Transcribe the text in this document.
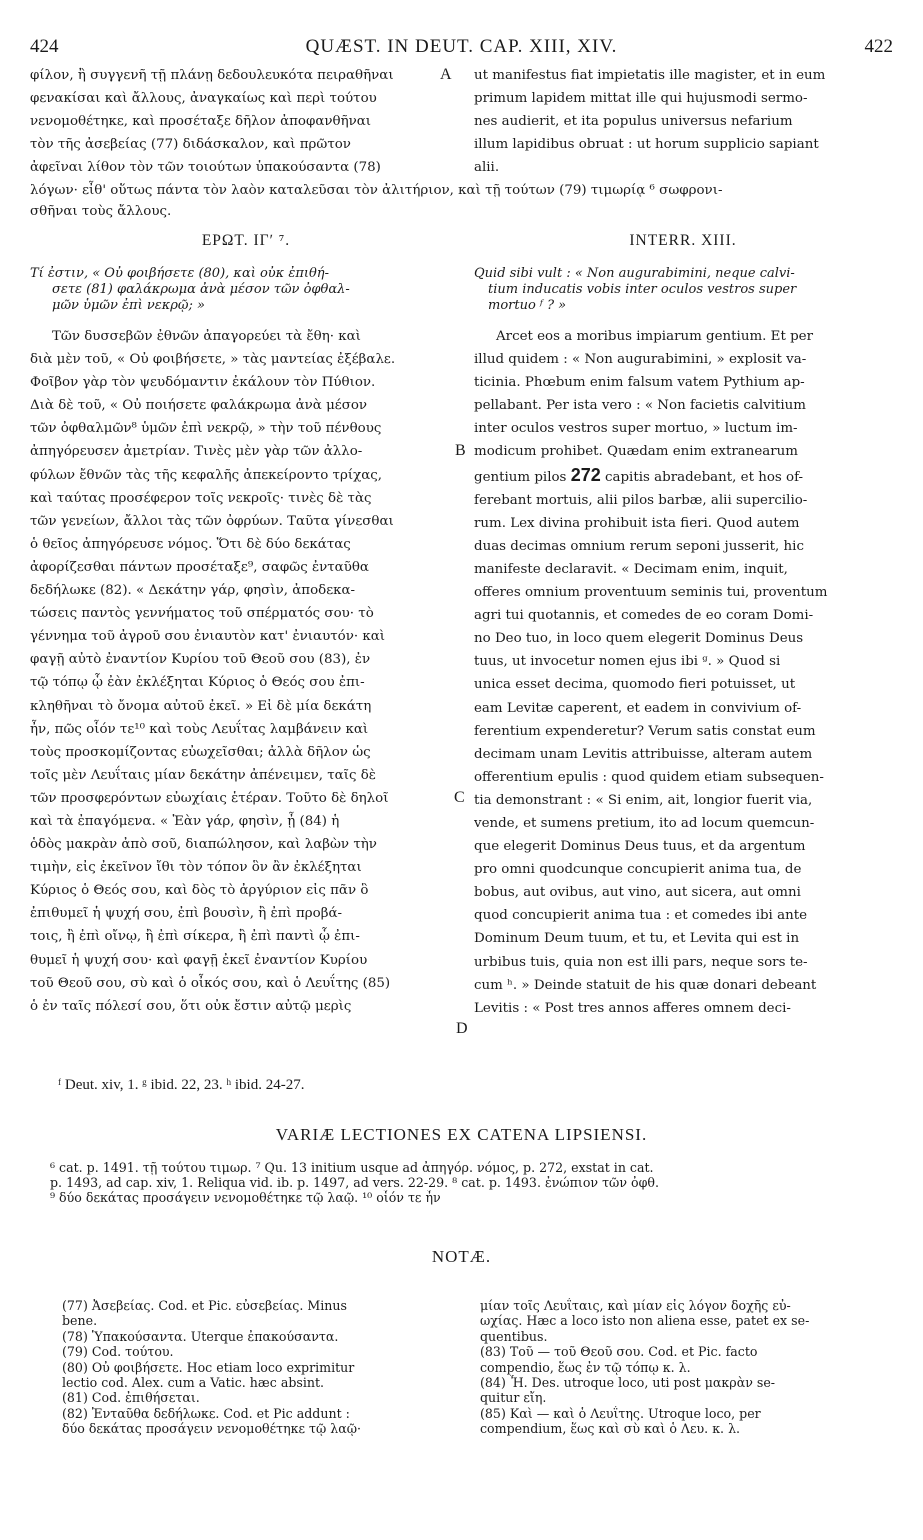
424	QUÆST. IN DEUT. CAP. XIII, XIV.	422
φίλον, ἢ συγγενῆ τῇ πλάνῃ δεδουλευκότα πειραθῆναι
φενακίσαι καὶ ἄλλους, ἀναγκαίως καὶ περὶ τούτου
νενομοθέτηκε, καὶ προσέταξε δῆλον ἀποφανθῆναι
τὸν τῆς ἀσεβείας (77) διδάσκαλον, καὶ πρῶτον
ἀφεῖναι λίθον τὸν τῶν τοιούτων ὑπακούσαντα (78)
ut manifestus fiat impietatis ille magister, et in eum
primum lapidem mittat ille qui hujusmodi sermo-
nes audierit, et ita populus universus nefarium
illum lapidibus obruat : ut horum supplicio sapiant
alii.
A
λόγων· εἶθ' οὕτως πάντα τὸν λαὸν καταλεῦσαι τὸν ἀλιτήριον, καὶ τῇ τούτων (79) τιμωρίᾳ ⁶ σωφρονι-
σθῆναι τοὺς ἄλλους.
ΕΡΩΤ. ΙΓʹ ⁷.	INTERR. XIII.
Τί ἐστιν, « Οὐ φοιβήσετε (80), καὶ οὐκ ἐπιθή-
σετε (81) φαλάκρωμα ἀνὰ μέσον τῶν ὀφθαλ-
μῶν ὑμῶν ἐπὶ νεκρῷ; »
Quid sibi vult : « Non augurabimini, neque calvi-
tium inducatis vobis inter oculos vestros super
mortuo ᶠ ? »
Τῶν δυσσεβῶν ἐθνῶν ἀπαγορεύει τὰ ἔθη· καὶ
διὰ μὲν τοῦ, « Οὐ φοιβήσετε, » τὰς μαντείας ἐξέβαλε.
Φοῖβον γὰρ τὸν ψευδόμαντιν ἐκάλουν τὸν Πύθιον.
Διὰ δὲ τοῦ, « Οὐ ποιήσετε φαλάκρωμα ἀνὰ μέσον
τῶν ὀφθαλμῶν⁸ ὑμῶν ἐπὶ νεκρῷ, » τὴν τοῦ πένθους
ἀπηγόρευσεν ἀμετρίαν. Τινὲς μὲν γὰρ τῶν ἀλλο-
φύλων ἔθνῶν τὰς τῆς κεφαλῆς ἀπεκείροντο τρίχας,
καὶ ταύτας προσέφερον τοῖς νεκροῖς· τινὲς δὲ τὰς
τῶν γενείων, ἄλλοι τὰς τῶν ὀφρύων. Ταῦτα γίνεσθαι
ὁ θεῖος ἀπηγόρευσε νόμος. Ὅτι δὲ δύο δεκάτας
ἀφορίζεσθαι πάντων προσέταξε⁹, σαφῶς ἐνταῦθα
δεδήλωκε (82). « Δεκάτην γάρ, φησὶν, ἀποδεκα-
τώσεις παντὸς γεννήματος τοῦ σπέρματός σου· τὸ
γέννημα τοῦ ἀγροῦ σου ἐνιαυτὸν κατ' ἐνιαυτόν· καὶ
φαγῇ αὐτὸ ἐναντίον Κυρίου τοῦ Θεοῦ σου (83), ἐν
τῷ τόπῳ ᾧ ἐὰν ἐκλέξηται Κύριος ὁ Θεός σου ἐπι-
κληθῆναι τὸ ὄνομα αὐτοῦ ἐκεῖ. » Εἰ δὲ μία δεκάτη
ἦν, πῶς οἷόν τε¹⁰ καὶ τοὺς Λευΐτας λαμβάνειν καὶ
τοὺς προσκομίζοντας εὐωχεῖσθαι; ἀλλὰ δῆλον ὡς
τοῖς μὲν Λευΐταις μίαν δεκάτην ἀπένειμεν, ταῖς δὲ
τῶν προσφερόντων εὐωχίαις ἑτέραν. Τοῦτο δὲ δηλοῖ
καὶ τὰ ἐπαγόμενα. « Ἐὰν γάρ, φησὶν, ᾖ (84) ἡ
ὁδὸς μακρὰν ἀπὸ σοῦ, διαπώλησον, καὶ λαβὼν τὴν
τιμὴν, εἰς ἐκεῖνον ἴθι τὸν τόπον ὃν ἂν ἐκλέξηται
Κύριος ὁ Θεός σου, καὶ δὸς τὸ ἀργύριον εἰς πᾶν ὃ
ἐπιθυμεῖ ἡ ψυχή σου, ἐπὶ βουσὶν, ἢ ἐπὶ προβά-
τοις, ἢ ἐπὶ οἴνῳ, ἢ ἐπὶ σίκερα, ἢ ἐπὶ παντὶ ᾧ ἐπι-
θυμεῖ ἡ ψυχή σου· καὶ φαγῇ ἐκεῖ ἐναντίον Κυρίου
τοῦ Θεοῦ σου, σὺ καὶ ὁ οἶκός σου, καὶ ὁ Λευΐτης (85)
ὁ ἐν ταῖς πόλεσί σου, ὅτι οὐκ ἔστιν αὐτῷ μερὶς
Arcet eos a moribus impiarum gentium. Et per
illud quidem : « Non augurabimini, » explosit va-
ticinia. Phœbum enim falsum vatem Pythium ap-
pellabant. Per ista vero : « Non facietis calvitium
inter oculos vestros super mortuo, » luctum im-
modicum prohibet. Quædam enim extranearum
gentium pilos 272 capitis abradebant, et hos of-
ferebant mortuis, alii pilos barbæ, alii supercilio-
rum. Lex divina prohibuit ista fieri. Quod autem
duas decimas omnium rerum seponi jusserit, hic
manifeste declaravit. « Decimam enim, inquit,
offeres omnium proventuum seminis tui, proventum
agri tui quotannis, et comedes de eo coram Domi-
no Deo tuo, in loco quem elegerit Dominus Deus
tuus, ut invocetur nomen ejus ibi ᵍ. » Quod si
unica esset decima, quomodo fieri potuisset, ut
eam Levitæ caperent, et eadem in convivium of-
ferentium expenderetur? Verum satis constat eum
decimam unam Levitis attribuisse, alteram autem
offerentium epulis : quod quidem etiam subsequen-
tia demonstrant : « Si enim, ait, longior fuerit via,
vende, et sumens pretium, ito ad locum quemcun-
que elegerit Dominus Deus tuus, et da argentum
pro omni quodcunque concupierit anima tua, de
bobus, aut ovibus, aut vino, aut sicera, aut omni
quod concupierit anima tua : et comedes ibi ante
Dominum Deum tuum, et tu, et Levita qui est in
urbibus tuis, quia non est illi pars, neque sors te-
cum ʰ. » Deinde statuit de his quæ donari debeant
Levitis : « Post tres annos afferes omnem deci-
B
C
D
ᶠ Deut. xiv, 1. ᵍ ibid. 22, 23. ʰ ibid. 24-27.
VARIÆ LECTIONES EX CATENA LIPSIENSI.
⁶ cat. p. 1491. τῇ τούτου τιμωρ. ⁷ Qu. 13 initium usque ad ἀπηγόρ. νόμος, p. 272, exstat in cat.
p. 1493, ad cap. xiv, 1. Reliqua vid. ib. p. 1497, ad vers. 22-29. ⁸ cat. p. 1493. ἐνώπιον τῶν ὀφθ.
⁹ δύο δεκάτας προσάγειν νενομοθέτηκε τῷ λαῷ. ¹⁰ οἷόν τε ἦν
NOTÆ.
(77) Ἀσεβείας. Cod. et Pic. εὐσεβείας. Minus
bene.
(78) Ὑπακούσαντα. Uterque ἐπακούσαντα.
(79) Cod. τούτου.
(80) Οὐ φοιβήσετε. Hoc etiam loco exprimitur
lectio cod. Alex. cum a Vatic. hæc absint.
(81) Cod. ἐπιθήσεται.
(82) Ἐνταῦθα δεδήλωκε. Cod. et Pic addunt :
δύο δεκάτας προσάγειν νενομοθέτηκε τῷ λαῷ·
μίαν τοῖς Λευΐταις, καὶ μίαν εἰς λόγον δοχῆς εὐ-
ωχίας. Hæc a loco isto non aliena esse, patet ex se-
quentibus.
(83) Τοῦ — τοῦ Θεοῦ σου. Cod. et Pic. facto
compendio, ἕως ἐν τῷ τόπῳ κ. λ.
(84) Ἦ. Des. utroque loco, uti post μακρὰν se-
quitur εἴη.
(85) Καὶ — καὶ ὁ Λευΐτης. Utroque loco, per
compendium, ἕως καὶ σὺ καὶ ὁ Λευ. κ. λ.
